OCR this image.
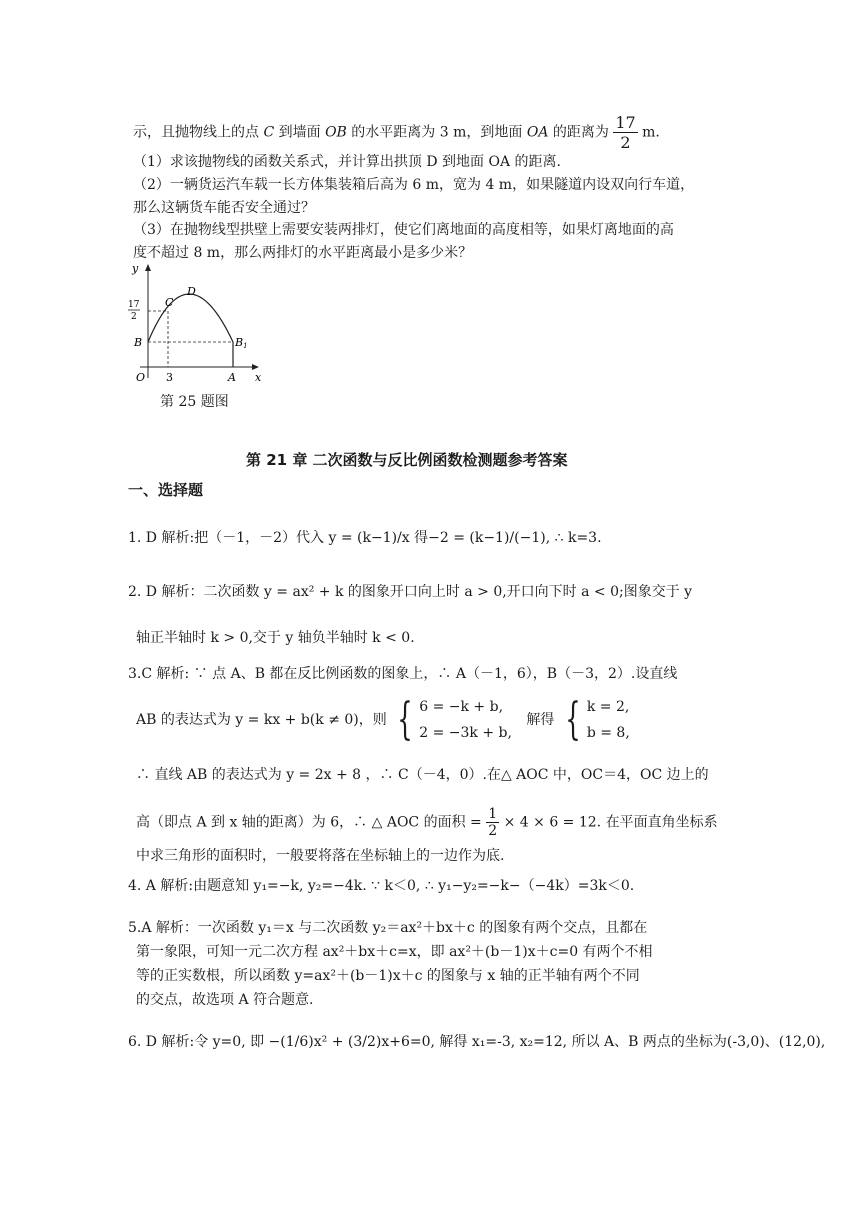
示，且抛物线上的点 C 到墙面 OB 的水平距离为 3 m，到地面 OA 的距离为 $\frac{17}{2} m$.
（1）求该抛物线的函数关系式，并计算出拱顶 D 到地面 OA 的距离.
（2）一辆货运汽车载一长方体集装箱后高为 6 m，宽为 4 m，如果隧道内设双向行车道，
那么这辆货车能否安全通过？
（3）在抛物线型拱壁上需要安装两排灯，使它们离地面的高度相等，如果灯离地面的高
度不超过 8 m，那么两排灯的水平距离最小是多少米？
y
x
O 3	A
B	B1
C
D
17
2
第 25 题图
第 21 章 二次函数与反比例函数检测题参考答案
一、选择题
1. D 解析:把（－1，－2）代入 y = (k−1)/x 得−2 = (k−1)/(−1), ∴ k=3.
2. D 解析：二次函数 y = ax² + k 的图象开口向上时 a > 0,开口向下时 a < 0;图象交于 y
轴正半轴时 k > 0,交于 y 轴负半轴时 k < 0.
3.C 解析: ∵ 点 A、B 都在反比例函数的图象上，∴ A（－1，6），B（－3，2）.设直线
AB 的表达式为 y = kx + b(k ≠ 0)，则 { 6 = −k + b,
2 = −3k + b,
解得 { k = 2,
b = 8,
∴ 直线 AB 的表达式为 y = 2x + 8 ，∴ C（－4，0）.在△ AOC 中，OC＝4，OC 边上的
高（即点 A 到 x 轴的距离）为 6，∴ △ AOC 的面积 = $\frac{1}{2} \times 4 \times 6 = 12$. 在平面直角坐标系
中求三角形的面积时，一般要将落在坐标轴上的一边作为底.
4. A 解析:由题意知 y₁=−k, y₂=−4k. ∵ k＜0, ∴ y₁−y₂=−k−（−4k）=3k＜0.
5.A 解析：一次函数 y₁＝x 与二次函数 y₂＝ax²＋bx＋c 的图象有两个交点，且都在
第一象限，可知一元二次方程 ax²＋bx＋c=x，即 ax²＋(b－1)x＋c=0 有两个不相
等的正实数根，所以函数 y=ax²＋(b－1)x＋c 的图象与 x 轴的正半轴有两个不同
的交点，故选项 A 符合题意.
6. D 解析:令 y=0, 即 −(1/6)x² + (3/2)x+6=0, 解得 x₁=-3, x₂=12, 所以 A、B 两点的坐标为(-3,0)、(12,0),
